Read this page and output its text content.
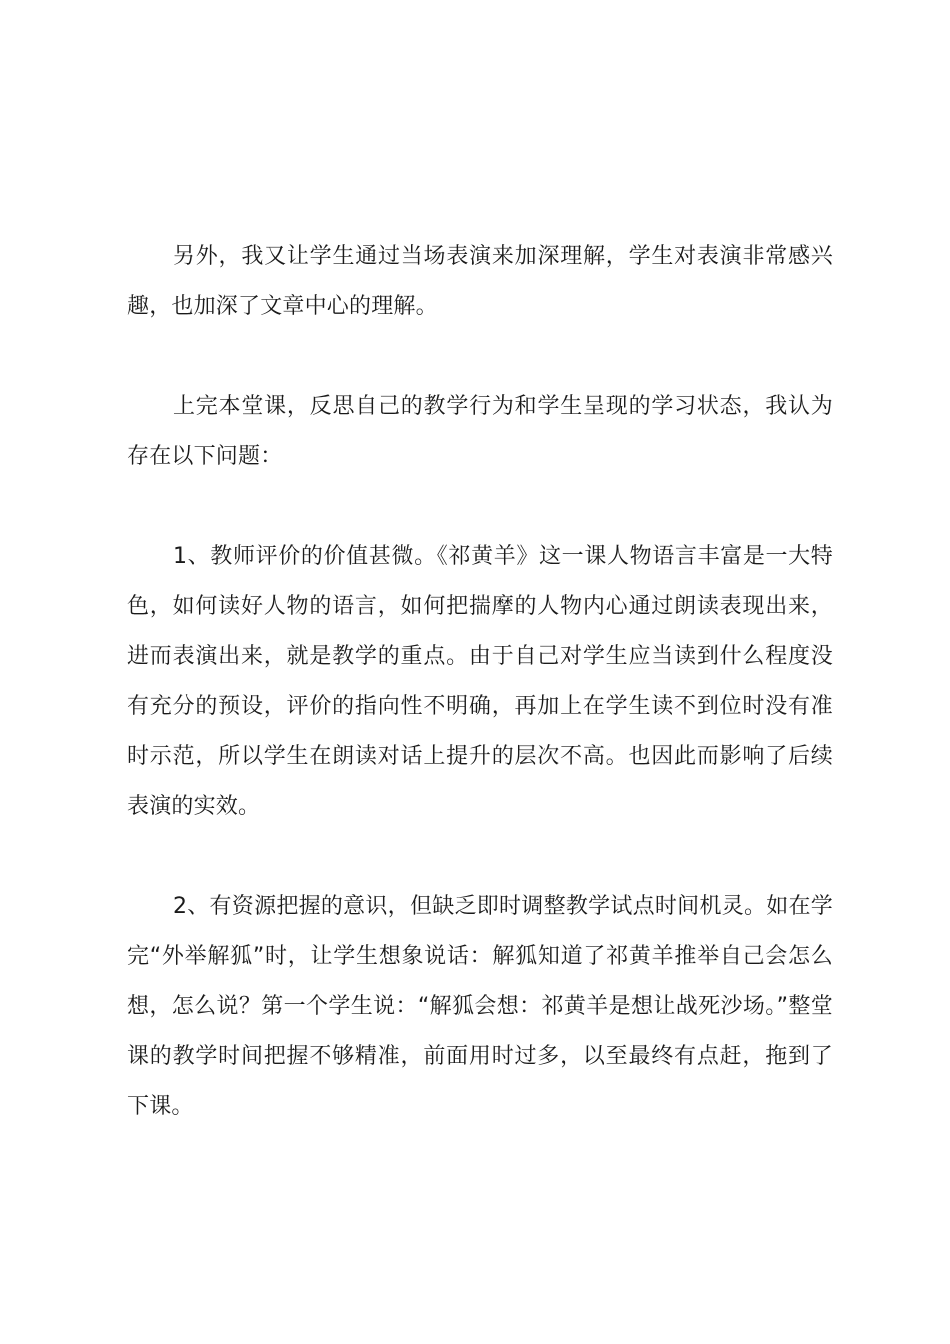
另外，我又让学生通过当场表演来加深理解，学生对表演非常感兴趣，也加深了文章中心的理解。

上完本堂课，反思自己的教学行为和学生呈现的学习状态，我认为存在以下问题：

1、教师评价的价值甚微。《祁黄羊》这一课人物语言丰富是一大特色，如何读好人物的语言，如何把揣摩的人物内心通过朗读表现出来，进而表演出来，就是教学的重点。由于自己对学生应当读到什么程度没有充分的预设，评价的指向性不明确，再加上在学生读不到位时没有准时示范，所以学生在朗读对话上提升的层次不高。也因此而影响了后续表演的实效。

2、有资源把握的意识，但缺乏即时调整教学试点时间机灵。如在学完“外举解狐”时，让学生想象说话：解狐知道了祁黄羊推举自己会怎么想，怎么说？第一个学生说：“解狐会想：祁黄羊是想让战死沙场。”整堂课的教学时间把握不够精准，前面用时过多，以至最终有点赶，拖到了下课。
